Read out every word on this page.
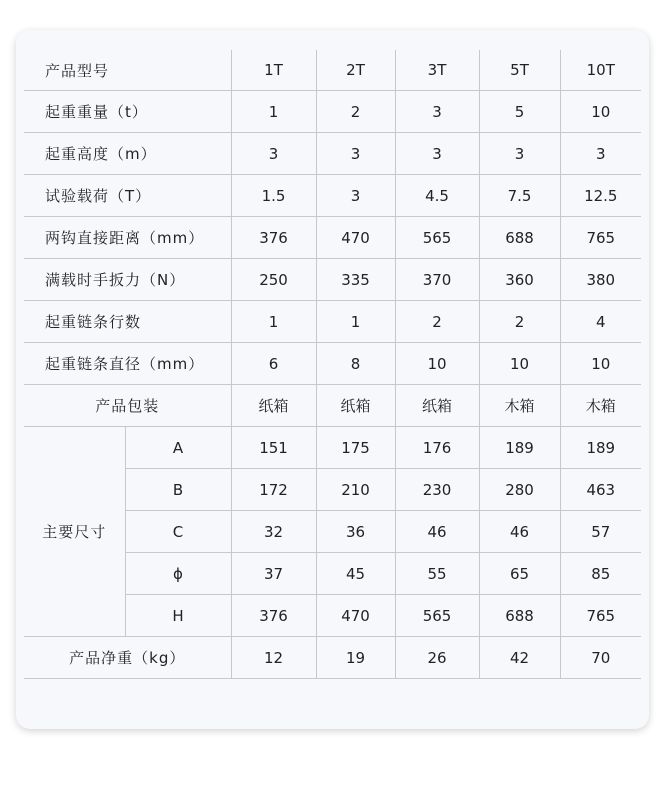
产品型号		1T	2T	3T	5T	10T
起重重量（t）		1	2	3	5	10
起重高度（m）		3	3	3	3	3
试验载荷（T）		1.5	3	4.5	7.5	12.5
两钩直接距离（mm）		376	470	565	688	765
满载时手扳力（N）		250	335	370	360	380
起重链条行数		1	1	2	2	4
起重链条直径（mm）		6	8	10	10	10
产品包装		纸箱	纸箱	纸箱	木箱	木箱
主要尺寸	A	151	175	176	189	189
	B	172	210	230	280	463
	C	32	36	46	46	57
	ϕ	37	45	55	65	85
	H	376	470	565	688	765
产品净重（kg）		12	19	26	42	70
